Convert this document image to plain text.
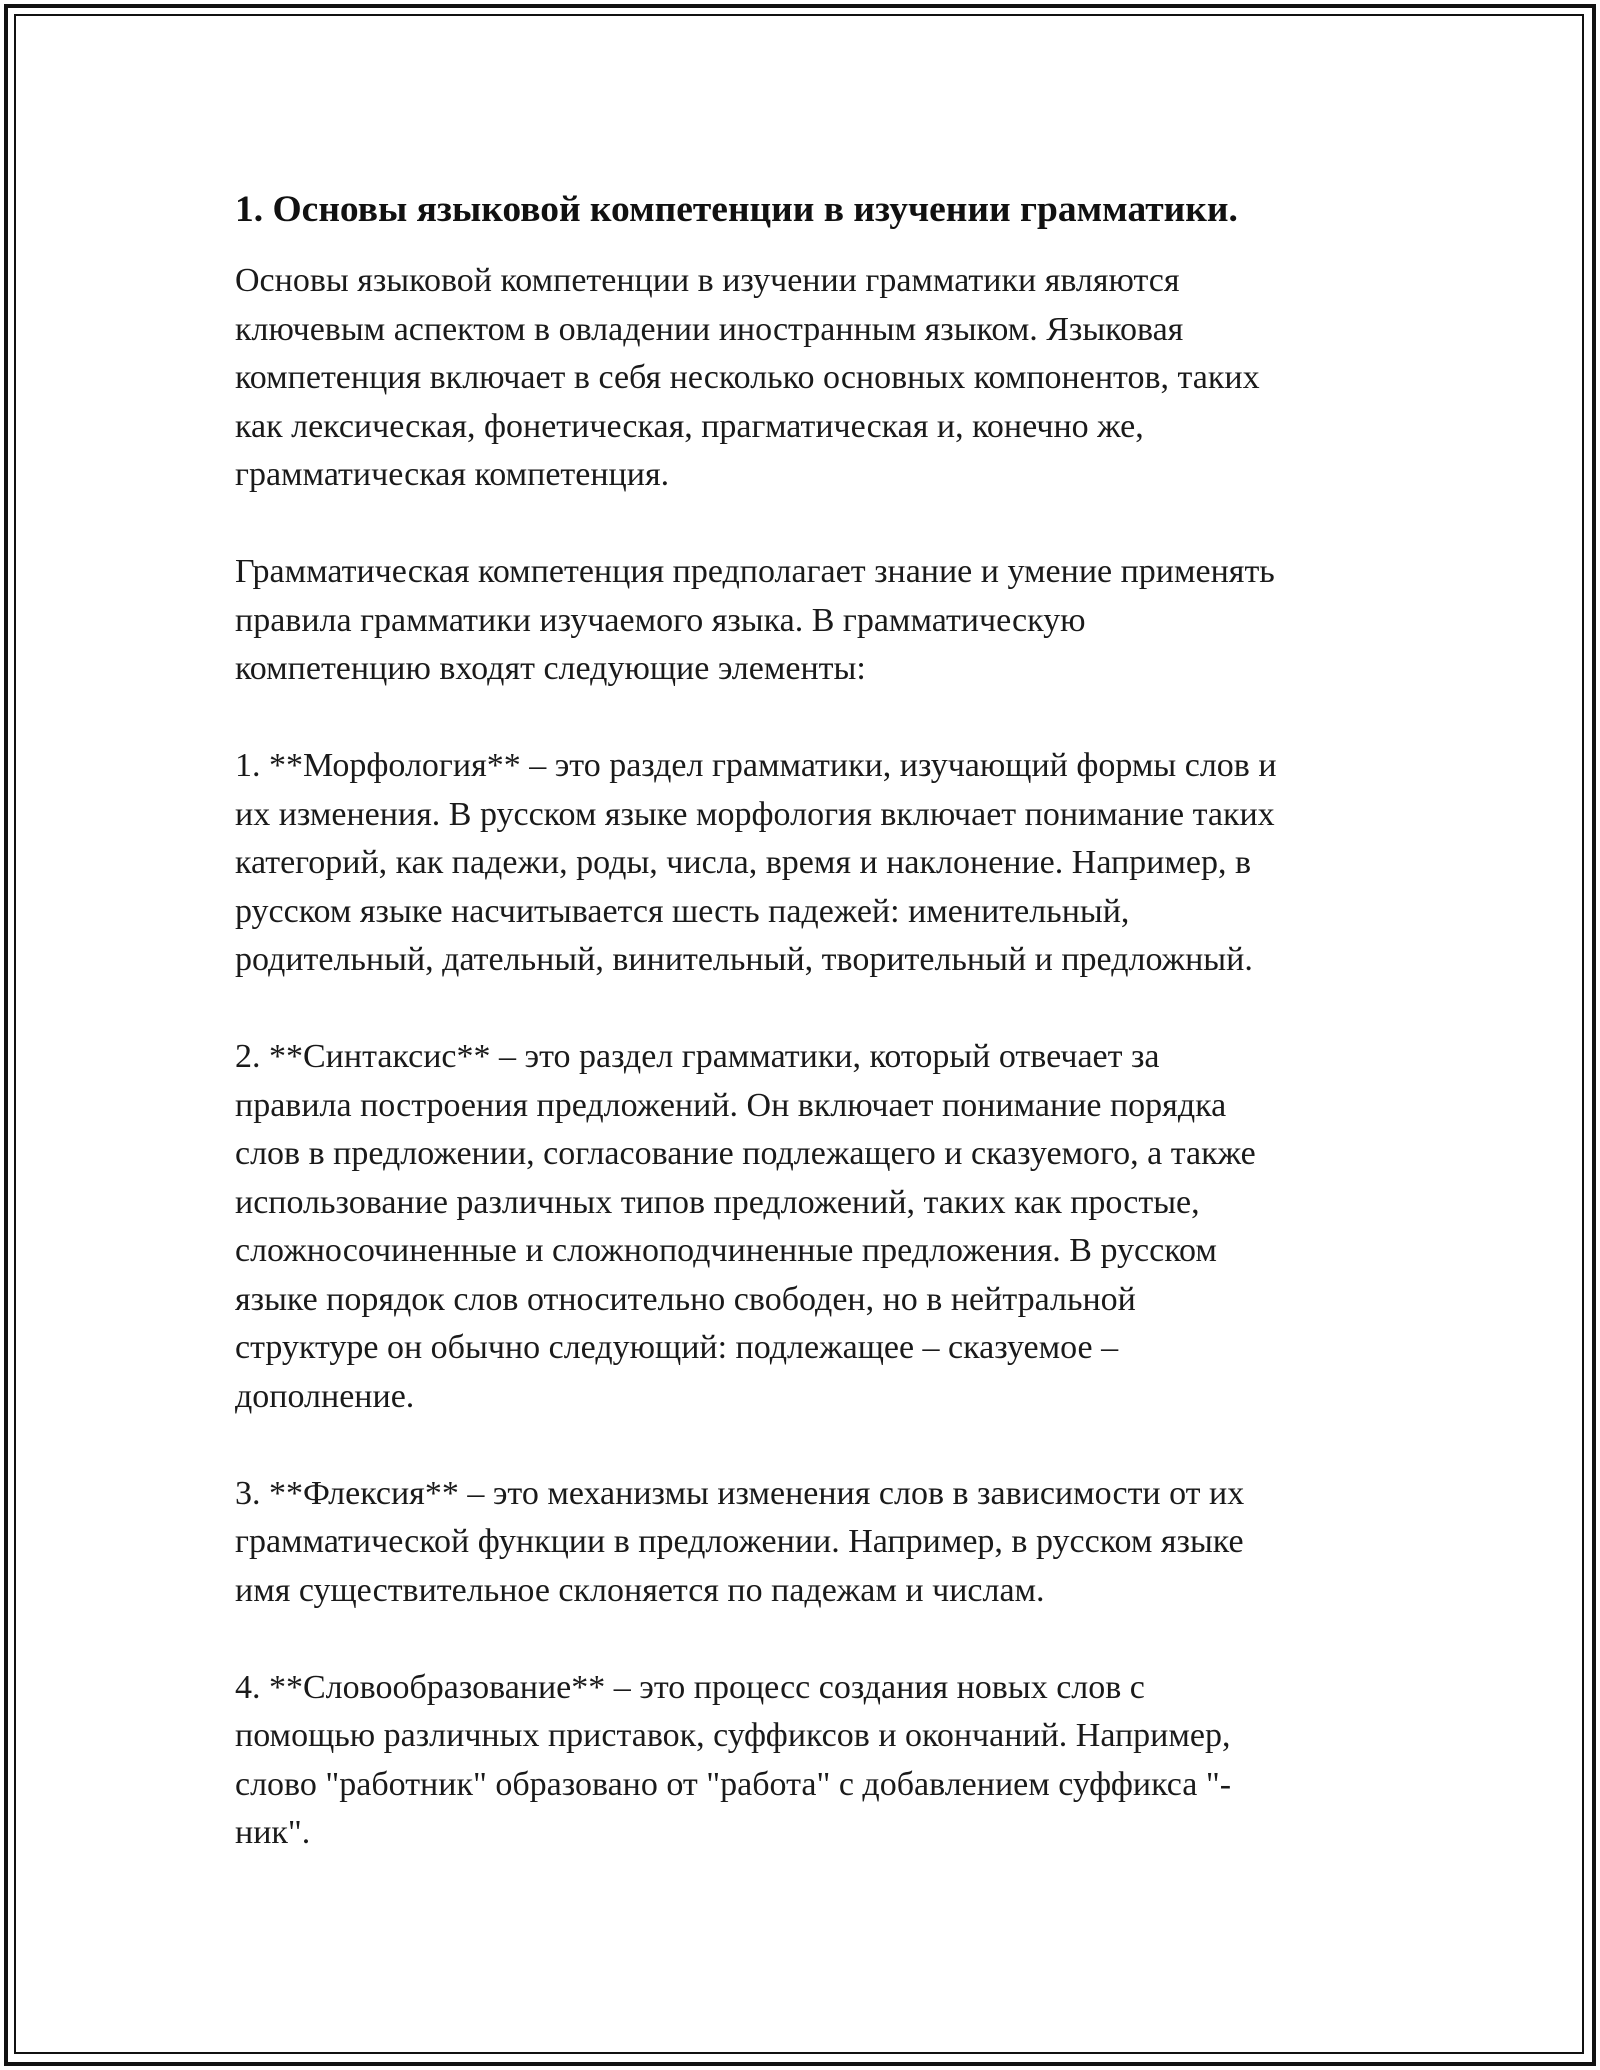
1. Основы языковой компетенции в изучении грамматики.

Основы языковой компетенции в изучении грамматики являются
ключевым аспектом в овладении иностранным языком. Языковая
компетенция включает в себя несколько основных компонентов, таких
как лексическая, фонетическая, прагматическая и, конечно же,
грамматическая компетенция.

Грамматическая компетенция предполагает знание и умение применять
правила грамматики изучаемого языка. В грамматическую
компетенцию входят следующие элементы:

1. **Морфология** – это раздел грамматики, изучающий формы слов и
их изменения. В русском языке морфология включает понимание таких
категорий, как падежи, роды, числа, время и наклонение. Например, в
русском языке насчитывается шесть падежей: именительный,
родительный, дательный, винительный, творительный и предложный.

2. **Синтаксис** – это раздел грамматики, который отвечает за
правила построения предложений. Он включает понимание порядка
слов в предложении, согласование подлежащего и сказуемого, а также
использование различных типов предложений, таких как простые,
сложносочиненные и сложноподчиненные предложения. В русском
языке порядок слов относительно свободен, но в нейтральной
структуре он обычно следующий: подлежащее – сказуемое –
дополнение.

3. **Флексия** – это механизмы изменения слов в зависимости от их
грамматической функции в предложении. Например, в русском языке
имя существительное склоняется по падежам и числам.

4. **Словообразование** – это процесс создания новых слов с
помощью различных приставок, суффиксов и окончаний. Например,
слово "работник" образовано от "работа" с добавлением суффикса "-
ник".
